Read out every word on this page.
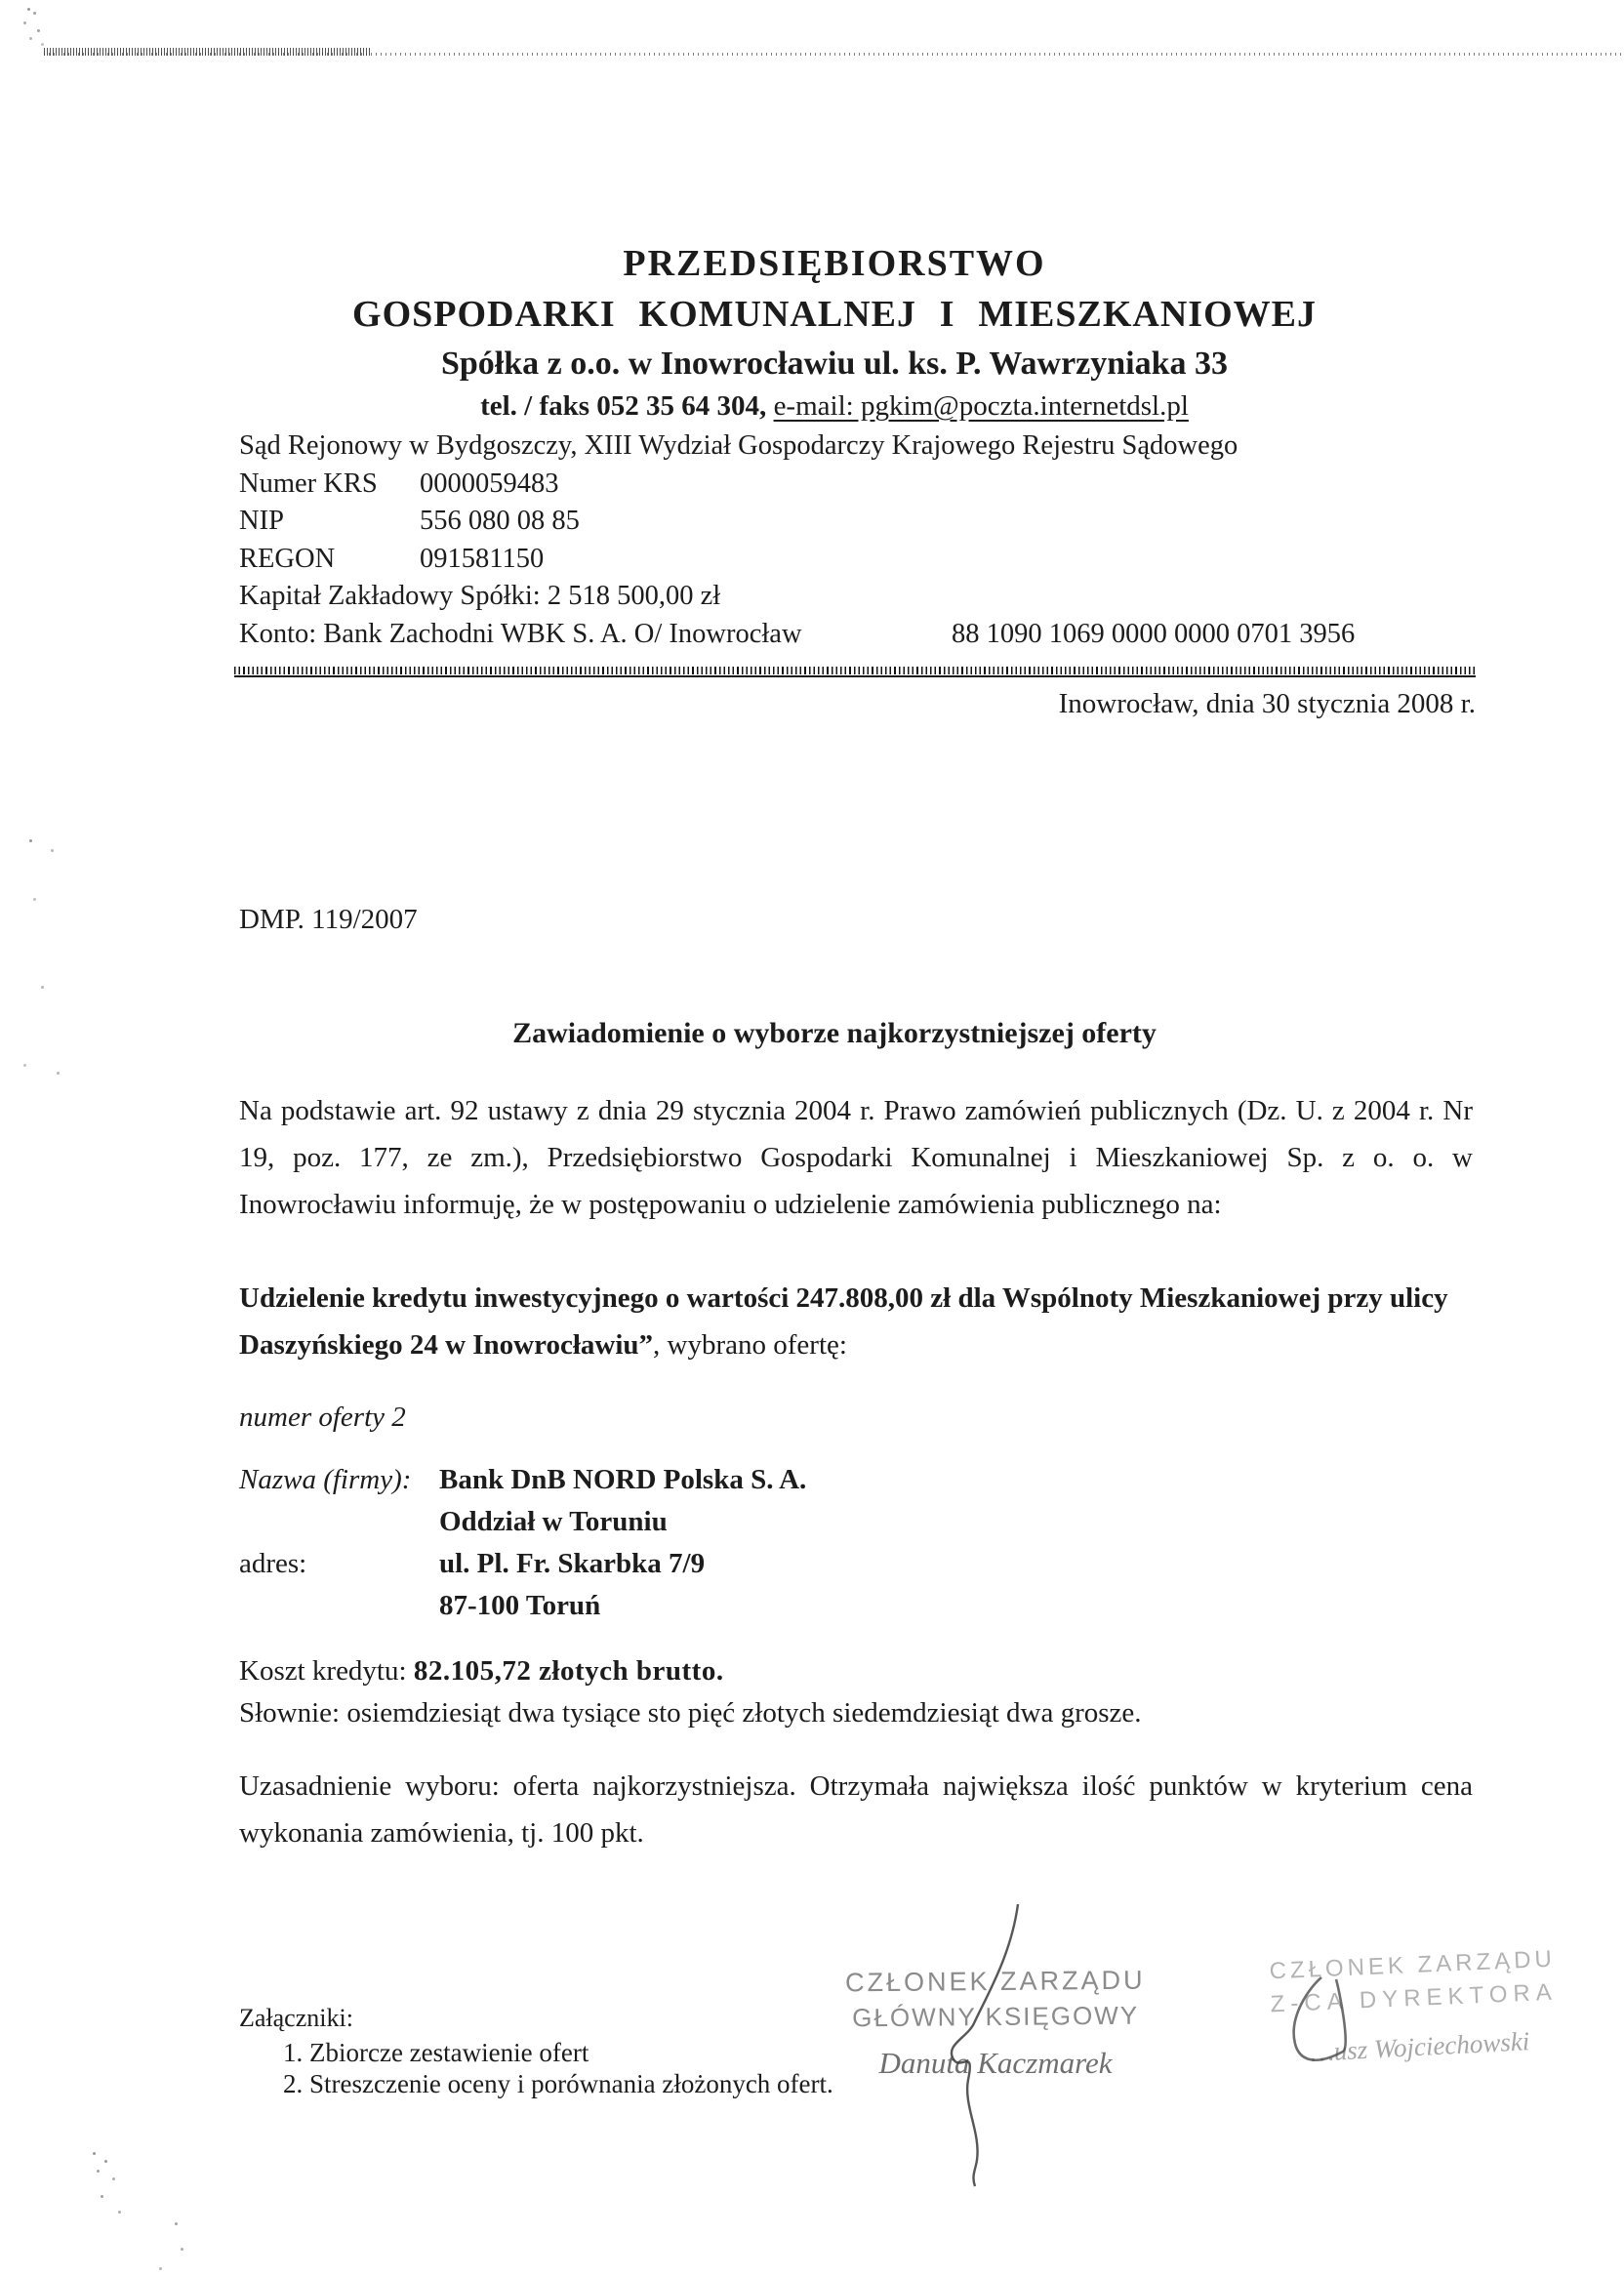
PRZEDSIĘBIORSTWO
GOSPODARKI KOMUNALNEJ I MIESZKANIOWEJ
Spółka z o.o. w Inowrocławiu ul. ks. P. Wawrzyniaka 33
tel. / faks 052 35 64 304, e-mail: pgkim@poczta.internetdsl.pl
Sąd Rejonowy w Bydgoszczy, XIII Wydział Gospodarczy Krajowego Rejestru Sądowego
Numer KRS 0000059483
NIP	556 080 08 85
REGON	091581150
Kapitał Zakładowy Spółki: 2 518 500,00 zł
Konto: Bank Zachodni WBK S. A. O/ Inowrocław	88 1090 1069 0000 0000 0701 3956
Inowrocław, dnia 30 stycznia 2008 r.
DMP. 119/2007
Zawiadomienie o wyborze najkorzystniejszej oferty
Na podstawie art. 92 ustawy z dnia 29 stycznia 2004 r. Prawo zamówień publicznych (Dz. U. z 2004 r. Nr 19, poz. 177, ze zm.), Przedsiębiorstwo Gospodarki Komunalnej i Mieszkaniowej Sp. z o. o. w Inowrocławiu informuję, że w postępowaniu o udzielenie zamówienia publicznego na:
Udzielenie kredytu inwestycyjnego o wartości 247.808,00 zł dla Wspólnoty Mieszkaniowej przy ulicy Daszyńskiego 24 w Inowrocławiu”, wybrano ofertę:
numer oferty 2
Nazwa (firmy): Bank DnB NORD Polska S. A.
Oddział w Toruniu
adres:	ul. Pl. Fr. Skarbka 7/9
87-100 Toruń
Koszt kredytu: 82.105,72 złotych brutto.
Słownie: osiemdziesiąt dwa tysiące sto pięć złotych siedemdziesiąt dwa grosze.
Uzasadnienie wyboru: oferta najkorzystniejsza. Otrzymała największa ilość punktów w kryterium cena wykonania zamówienia, tj. 100 pkt.
Załączniki:
1. Zbiorcze zestawienie ofert
2. Streszczenie oceny i porównania złożonych ofert.
CZŁONEK ZARZĄDU
GŁÓWNY KSIĘGOWY
Danuta Kaczmarek
CZŁONEK ZARZĄDU
Z-CA DYREKTORA
…usz Wojciechowski
